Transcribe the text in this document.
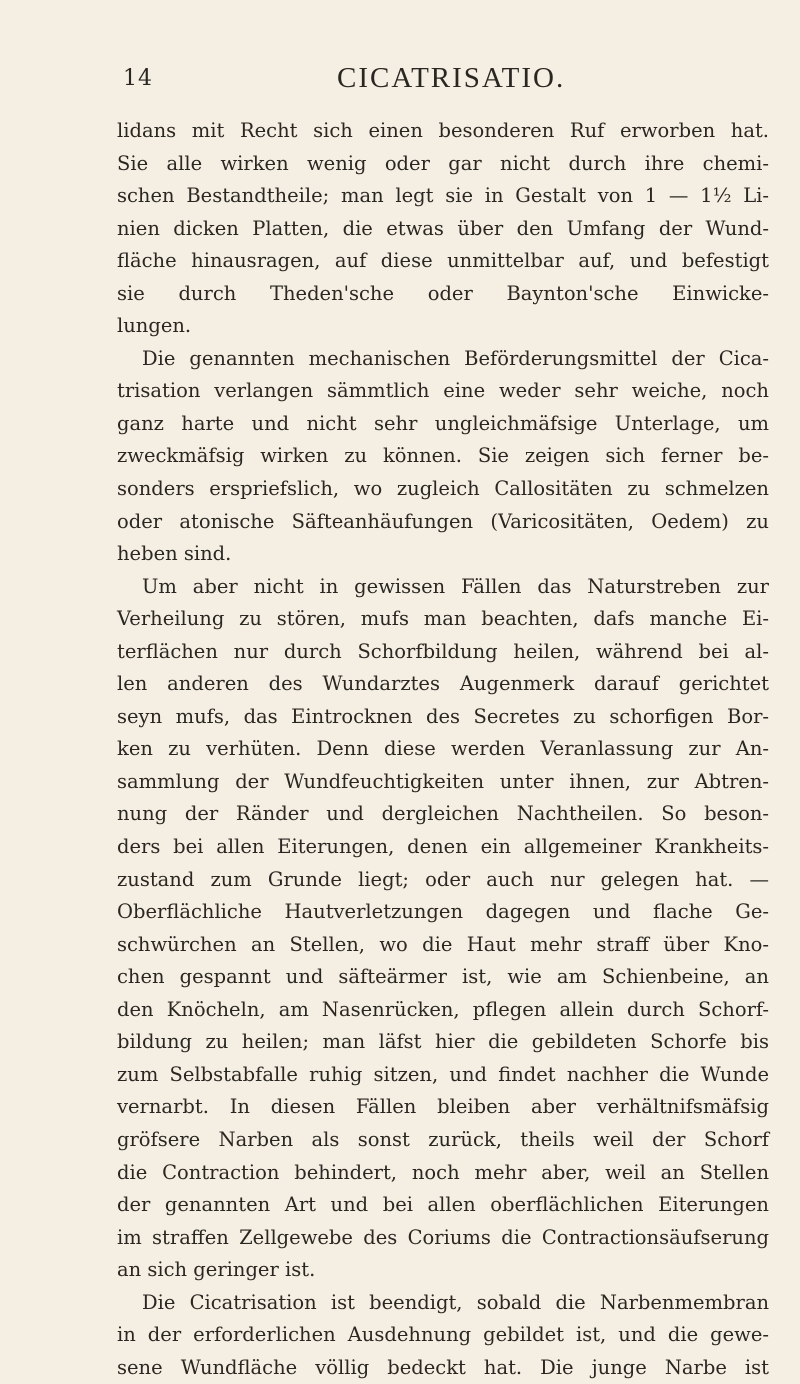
14	CICATRISATIO.
lidans mit Recht sich einen besonderen Ruf erworben hat.
Sie alle wirken wenig oder gar nicht durch ihre chemi-
schen Bestandtheile; man legt sie in Gestalt von 1 — 1½ Li-
nien dicken Platten, die etwas über den Umfang der Wund-
fläche hinausragen, auf diese unmittelbar auf, und befestigt
sie durch Theden'sche oder Baynton'sche Einwicke-
lungen.
Die genannten mechanischen Beförderungsmittel der Cica-
trisation verlangen sämmtlich eine weder sehr weiche, noch
ganz harte und nicht sehr ungleichmäfsige Unterlage, um
zweckmäfsig wirken zu können. Sie zeigen sich ferner be-
sonders erspriefslich, wo zugleich Callositäten zu schmelzen
oder atonische Säfteanhäufungen (Varicositäten, Oedem) zu
heben sind.
Um aber nicht in gewissen Fällen das Naturstreben zur
Verheilung zu stören, mufs man beachten, dafs manche Ei-
terflächen nur durch Schorfbildung heilen, während bei al-
len anderen des Wundarztes Augenmerk darauf gerichtet
seyn mufs, das Eintrocknen des Secretes zu schorfigen Bor-
ken zu verhüten. Denn diese werden Veranlassung zur An-
sammlung der Wundfeuchtigkeiten unter ihnen, zur Abtren-
nung der Ränder und dergleichen Nachtheilen. So beson-
ders bei allen Eiterungen, denen ein allgemeiner Krankheits-
zustand zum Grunde liegt; oder auch nur gelegen hat. —
Oberflächliche Hautverletzungen dagegen und flache Ge-
schwürchen an Stellen, wo die Haut mehr straff über Kno-
chen gespannt und säfteärmer ist, wie am Schienbeine, an
den Knöcheln, am Nasenrücken, pflegen allein durch Schorf-
bildung zu heilen; man läfst hier die gebildeten Schorfe bis
zum Selbstabfalle ruhig sitzen, und findet nachher die Wunde
vernarbt. In diesen Fällen bleiben aber verhältnifsmäfsig
gröfsere Narben als sonst zurück, theils weil der Schorf
die Contraction behindert, noch mehr aber, weil an Stellen
der genannten Art und bei allen oberflächlichen Eiterungen
im straffen Zellgewebe des Coriums die Contractionsäufserung
an sich geringer ist.
Die Cicatrisation ist beendigt, sobald die Narbenmembran
in der erforderlichen Ausdehnung gebildet ist, und die gewe-
sene Wundfläche völlig bedeckt hat. Die junge Narbe ist
